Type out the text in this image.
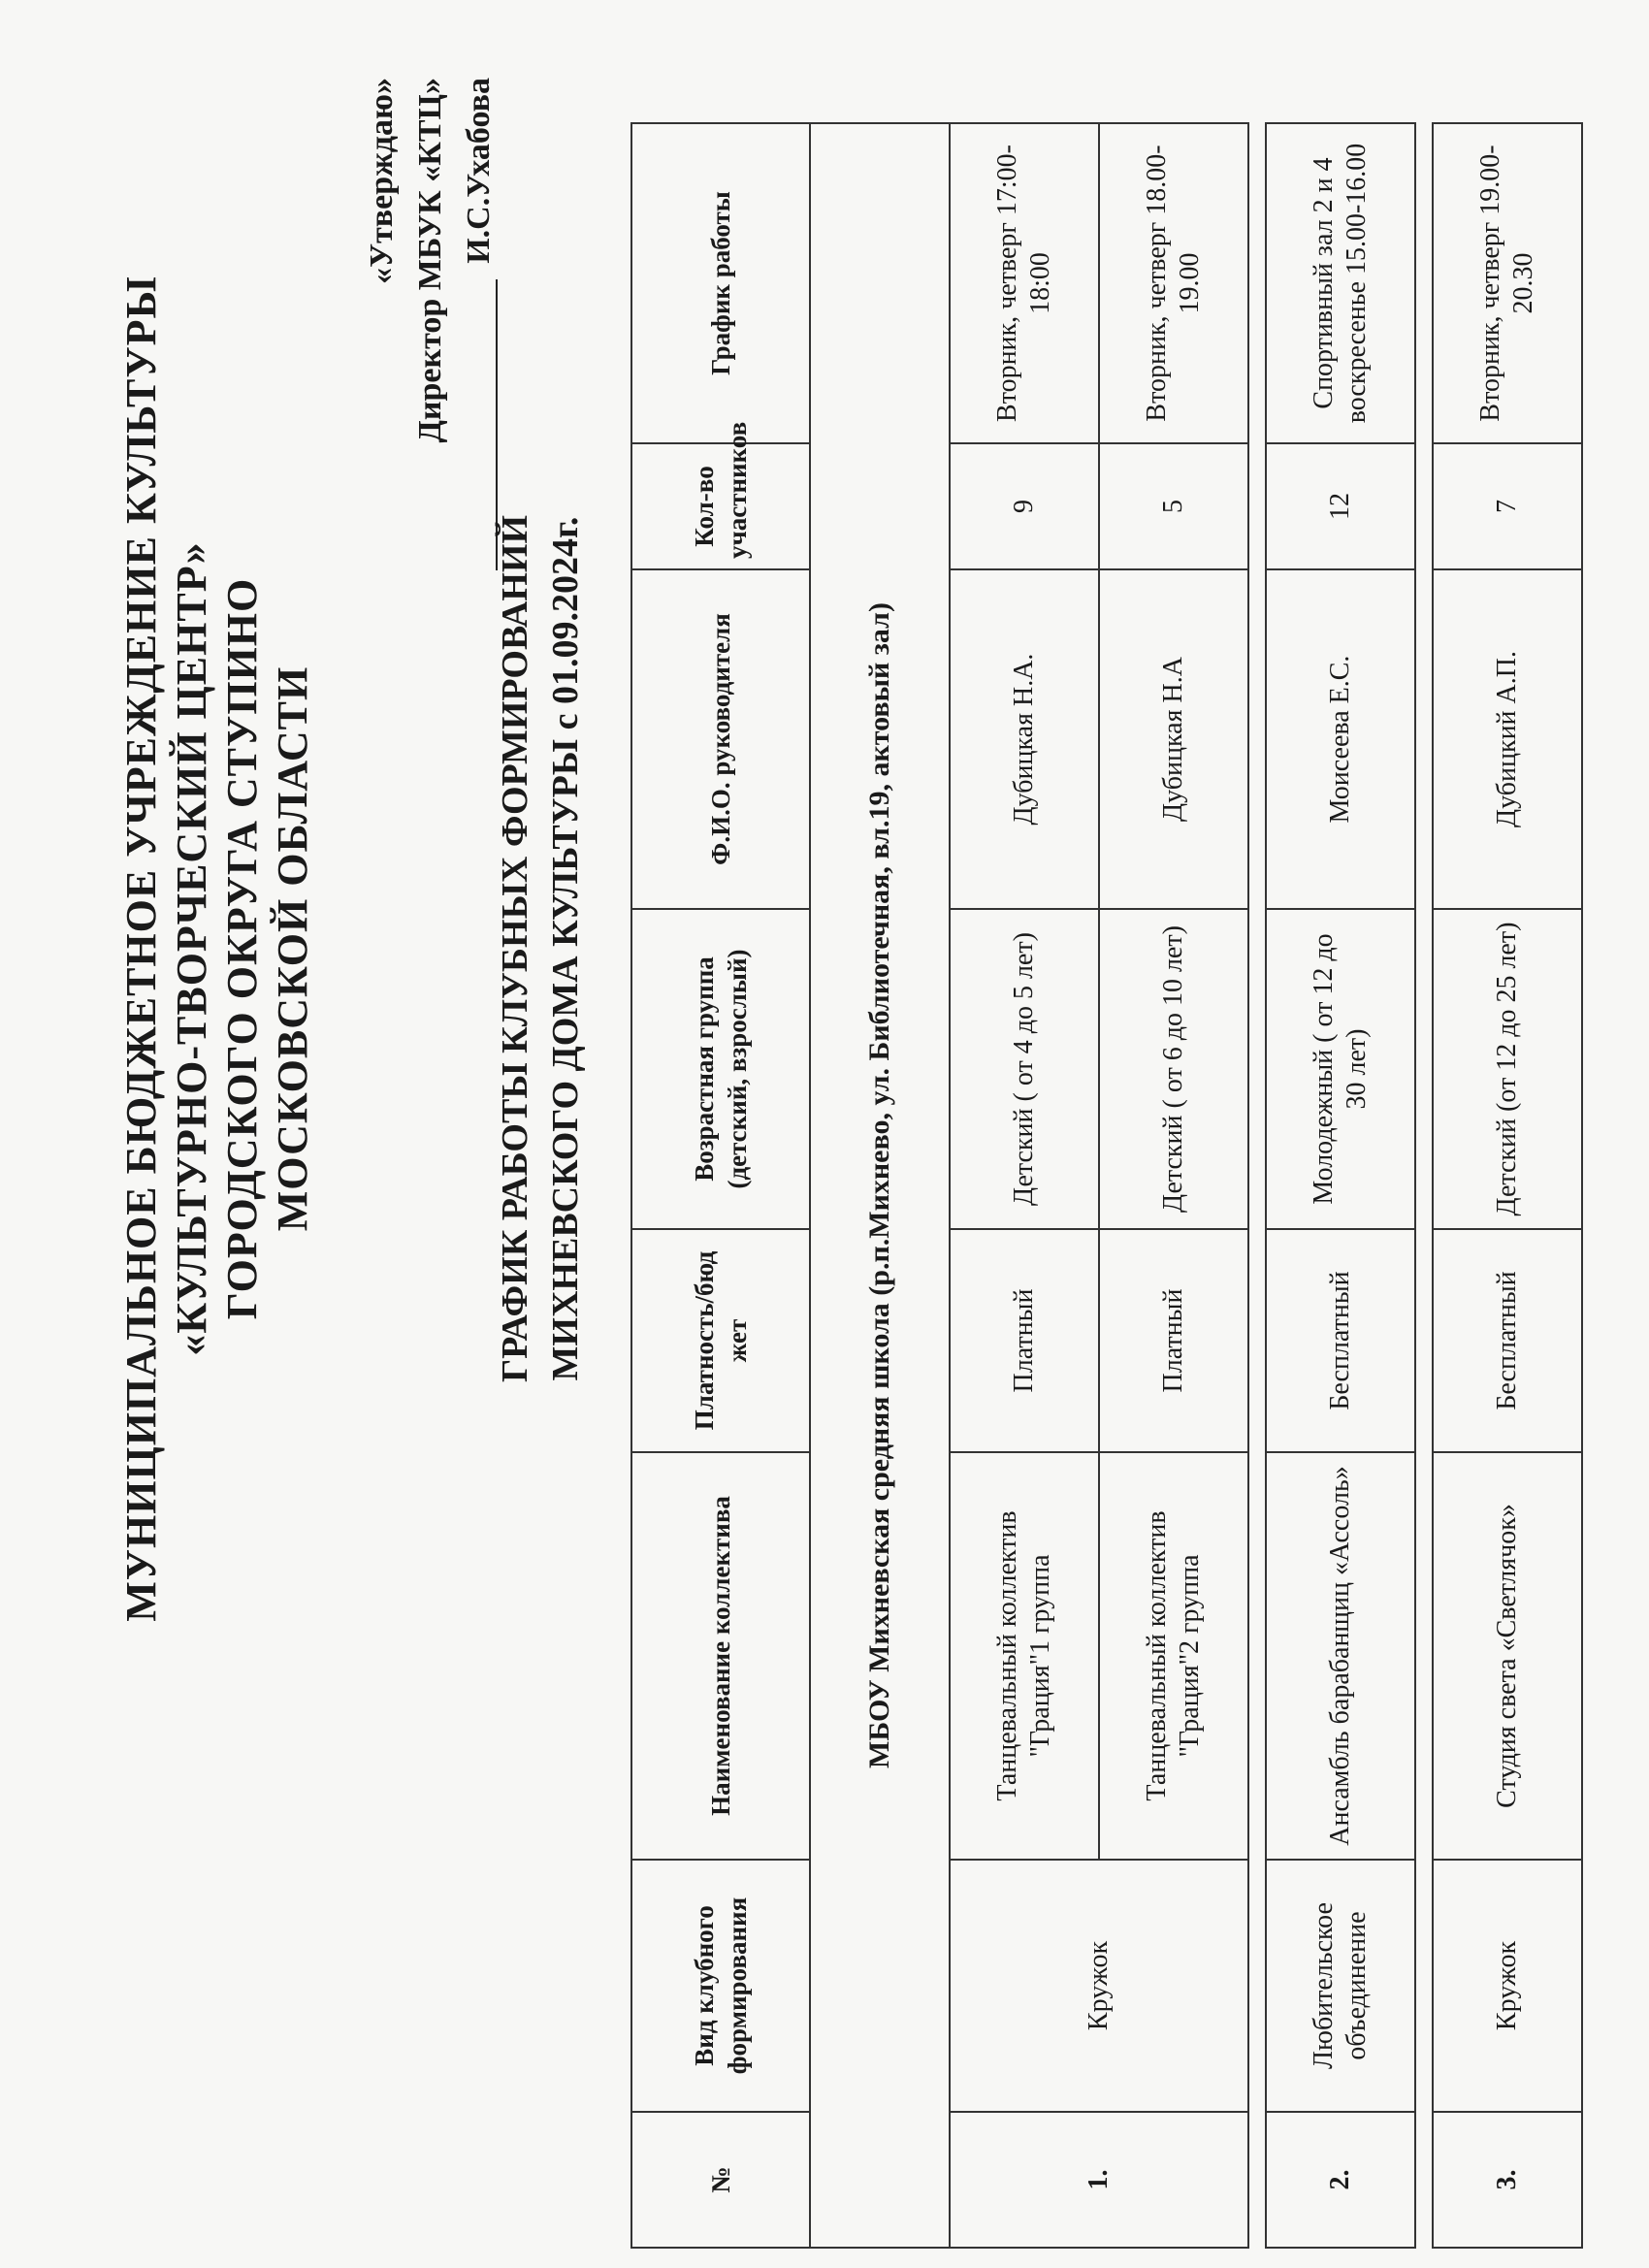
МУНИЦИПАЛЬНОЕ БЮДЖЕТНОЕ УЧРЕЖДЕНИЕ КУЛЬТУРЫ «КУЛЬТУРНО-ТВОРЧЕСКИЙ ЦЕНТР» ГОРОДСКОГО ОКРУГА СТУПИНО МОСКОВСКОЙ ОБЛАСТИ
«Утверждаю» Директор МБУК «КТЦ» И.С.Ухабова
ГРАФИК РАБОТЫ КЛУБНЫХ ФОРМИРОВАНИЙ МИХНЕВСКОГО ДОМА КУЛЬТУРЫ с 01.09.2024г.
№	Вид клубного формирования	Наименование коллектива	Платность/бюд жет	Возрастная группа (детский, взрослый)	Ф.И.О. руководителя	Кол-во участников	График работы
МБОУ Михневская средняя школа (р.п.Михнево, ул. Библиотечная, вл.19, актовый зал)							
1.	Кружок	Танцевальный коллектив "Грация"1 группа	Платный	Детский ( от 4 до 5 лет)	Дубицкая Н.А.	9	Вторник, четверг 17:00-18:00
		Танцевальный коллектив "Грация"2 группа	Платный	Детский ( от 6 до 10 лет)	Дубицкая Н.А	5	Вторник, четверг 18.00-19.00

2.	Любительское объединение	Ансамбль барабанщиц «Ассоль»	Бесплатный	Молодежный ( от 12 до 30 лет)	Моисеева Е.С.	12	Спортивный зал 2 и 4 воскресенье 15.00-16.00

3.	Кружок	Студия света «Светлячок»	Бесплатный	Детский (от 12 до 25 лет)	Дубицкий А.П.	7	Вторник, четверг 19.00-20.30
